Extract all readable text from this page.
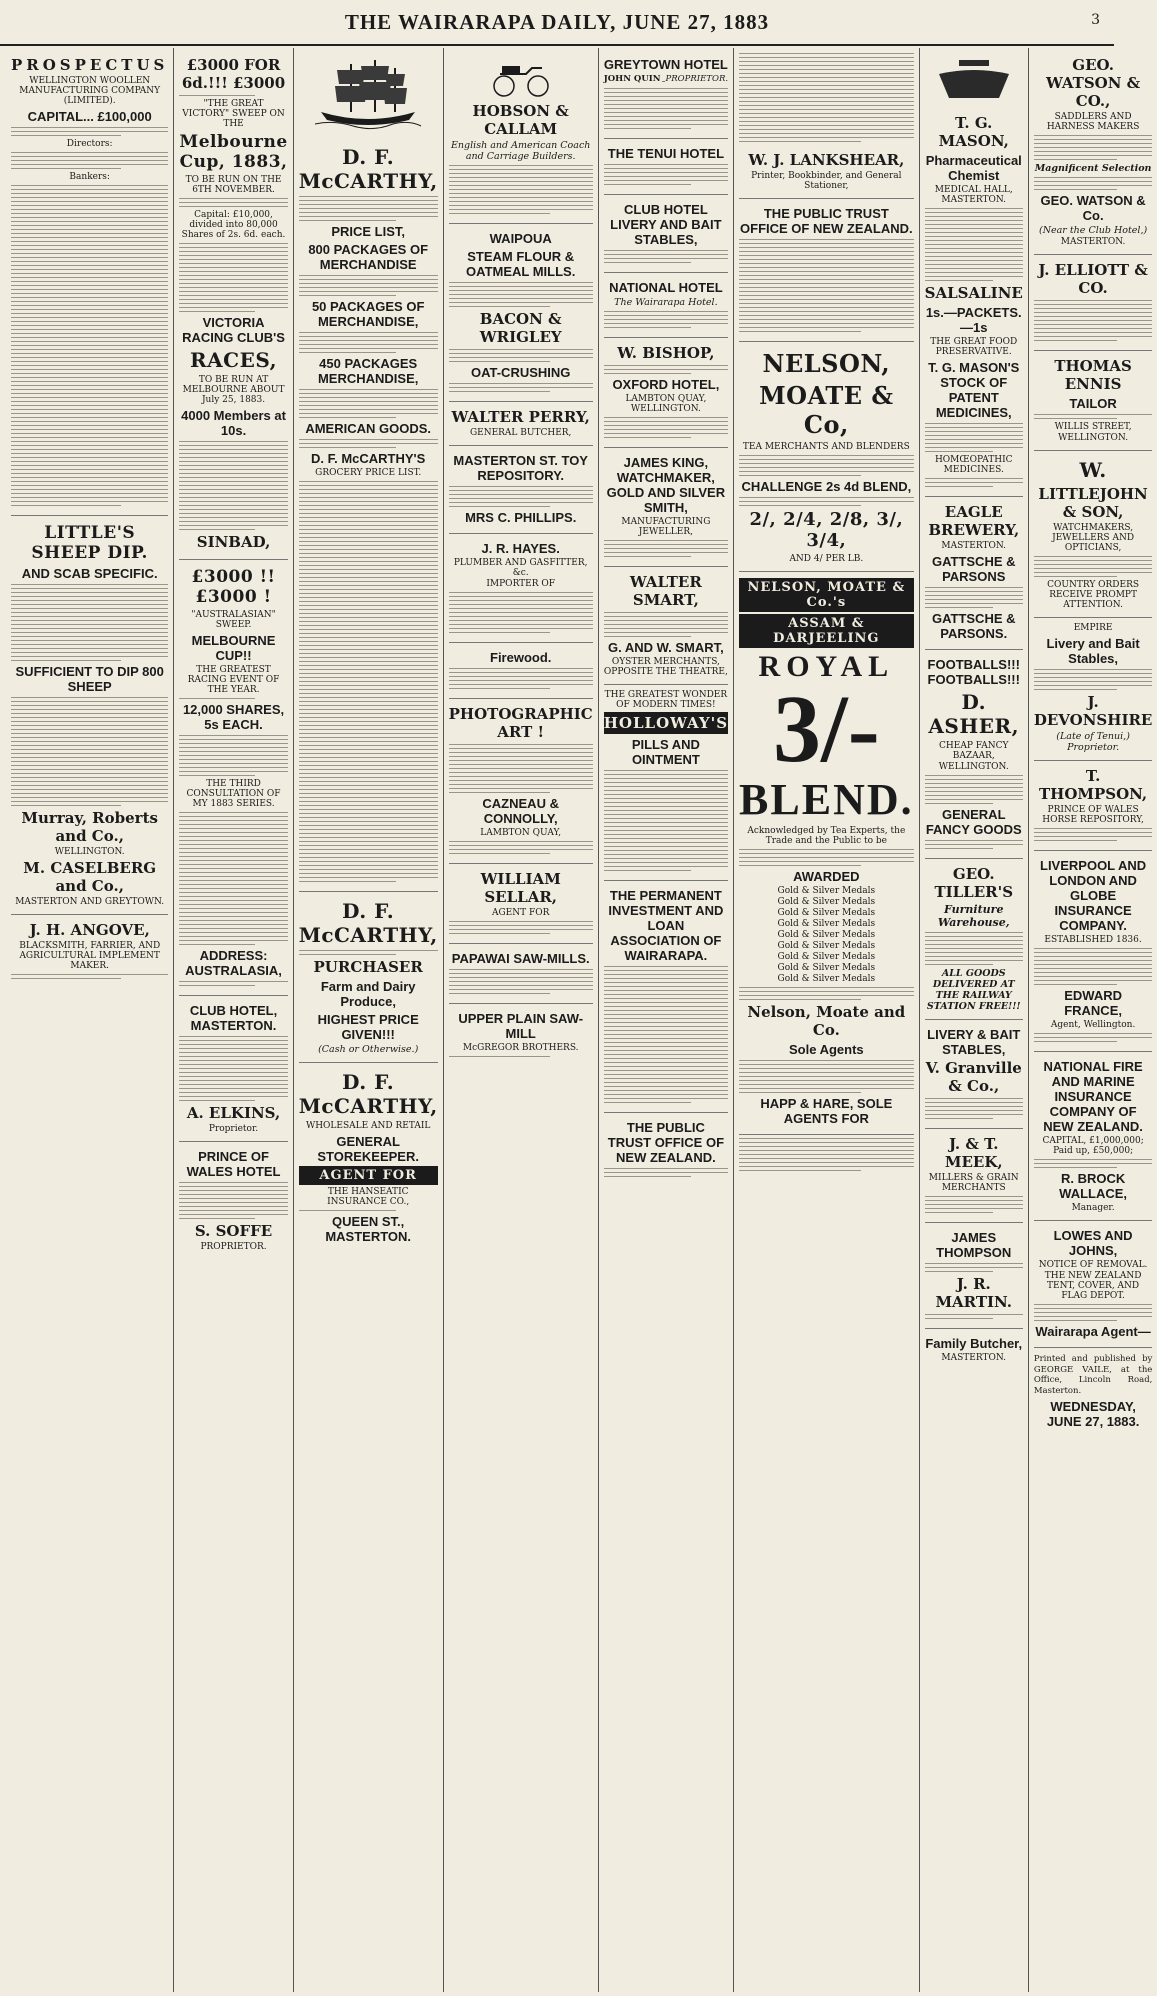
THE WAIRARAPA DAILY, JUNE 27, 1883	3
PROSPECTUS
WELLINGTON WOOLLEN MANUFACTURING COMPANY (LIMITED).
CAPITAL... £100,000
Directors:
Bankers:
LITTLE'S SHEEP DIP.
AND SCAB SPECIFIC.
SUFFICIENT TO DIP 800 SHEEP
Murray, Roberts and Co.,
WELLINGTON.
M. CASELBERG and Co.,
MASTERTON AND GREYTOWN.
J. H. ANGOVE,
BLACKSMITH, FARRIER, AND AGRICULTURAL IMPLEMENT MAKER.
£3000 FOR 6d.!!! £3000
"THE GREAT VICTORY" SWEEP ON THE
Melbourne Cup, 1883,
TO BE RUN ON THE 6TH NOVEMBER.
Capital: £10,000, divided into 80,000 Shares of 2s. 6d. each.
VICTORIA RACING CLUB'S
RACES,
TO BE RUN AT MELBOURNE ABOUT July 25, 1883.
4000 Members at 10s.
SINBAD,
£3000 !! £3000 !
"AUSTRALASIAN" SWEEP.
MELBOURNE CUP!!
THE GREATEST RACING EVENT OF THE YEAR.
12,000 SHARES, 5s EACH.
THE THIRD CONSULTATION OF MY 1883 SERIES.
ADDRESS: AUSTRALASIA,
CLUB HOTEL, MASTERTON.
A. ELKINS,
Proprietor.
PRINCE OF WALES HOTEL
S. SOFFE
PROPRIETOR.
D. F. McCARTHY,
PRICE LIST,
800 PACKAGES OF MERCHANDISE
50 PACKAGES OF MERCHANDISE,
450 PACKAGES MERCHANDISE,
AMERICAN GOODS.
D. F. McCARTHY'S
GROCERY PRICE LIST.
D. F. McCARTHY,
PURCHASER
Farm and Dairy Produce,
HIGHEST PRICE GIVEN!!!
(Cash or Otherwise.)
D. F. McCARTHY,
WHOLESALE AND RETAIL
GENERAL STOREKEEPER.
AGENT FOR
THE HANSEATIC INSURANCE CO.,
QUEEN ST., MASTERTON.
HOBSON & CALLAM
English and American Coach and Carriage Builders.
WAIPOUA
STEAM FLOUR & OATMEAL MILLS.
BACON & WRIGLEY
OAT-CRUSHING
WALTER PERRY,
GENERAL BUTCHER,
MASTERTON ST. TOY REPOSITORY.
MRS C. PHILLIPS.
J. R. HAYES.
PLUMBER AND GASFITTER, &c.
IMPORTER OF
Firewood.
PHOTOGRAPHIC ART !
CAZNEAU & CONNOLLY,
LAMBTON QUAY,
WILLIAM SELLAR,
AGENT FOR
PAPAWAI SAW-MILLS.
UPPER PLAIN SAW-MILL
McGREGOR BROTHERS.
GREYTOWN HOTEL
JOHN QUIN PROPRIETOR.
THE TENUI HOTEL
CLUB HOTEL LIVERY AND BAIT STABLES,
NATIONAL HOTEL
The Wairarapa Hotel.
W. BISHOP,
OXFORD HOTEL,
LAMBTON QUAY, WELLINGTON.
JAMES KING, WATCHMAKER, GOLD AND SILVER SMITH,
MANUFACTURING JEWELLER,
WALTER SMART,
G. AND W. SMART,
OYSTER MERCHANTS, OPPOSITE THE THEATRE,
THE GREATEST WONDER OF MODERN TIMES!
HOLLOWAY'S
PILLS AND OINTMENT
THE PERMANENT INVESTMENT AND LOAN ASSOCIATION OF WAIRARAPA.
THE PUBLIC TRUST OFFICE OF NEW ZEALAND.
W. J. LANKSHEAR,
Printer, Bookbinder, and General Stationer,
THE PUBLIC TRUST OFFICE OF NEW ZEALAND.
NELSON,
MOATE & Co,
TEA MERCHANTS AND BLENDERS
CHALLENGE 2s 4d BLEND,
2/, 2/4, 2/8, 3/, 3/4,
AND 4/ PER LB.
NELSON, MOATE & Co.'s
ASSAM & DARJEELING
ROYAL
3/-
BLEND.
Acknowledged by Tea Experts, the Trade and the Public to be
AWARDED
Gold & Silver Medals
Gold & Silver Medals
Gold & Silver Medals
Gold & Silver Medals
Gold & Silver Medals
Gold & Silver Medals
Gold & Silver Medals
Gold & Silver Medals
Gold & Silver Medals
Nelson, Moate and Co.
Sole Agents
HAPP & HARE, SOLE AGENTS FOR
T. G. MASON,
Pharmaceutical Chemist
MEDICAL HALL, MASTERTON.
SALSALINE
1s.—PACKETS.—1s
THE GREAT FOOD PRESERVATIVE.
T. G. MASON'S STOCK OF PATENT MEDICINES,
HOMŒOPATHIC MEDICINES.
EAGLE BREWERY,
MASTERTON.
GATTSCHE & PARSONS
GATTSCHE & PARSONS.
FOOTBALLS!!! FOOTBALLS!!!
D. ASHER,
CHEAP FANCY BAZAAR,
WELLINGTON.
GENERAL FANCY GOODS
GEO. TILLER'S
Furniture Warehouse,
ALL GOODS DELIVERED AT THE RAILWAY STATION FREE!!!
LIVERY & BAIT STABLES,
V. Granville & Co.,
J. & T. MEEK,
MILLERS & GRAIN MERCHANTS
JAMES THOMPSON
J. R. MARTIN.
Family Butcher,
MASTERTON.
GEO. WATSON & CO.,
SADDLERS AND HARNESS MAKERS
Magnificent Selection
GEO. WATSON & Co.
(Near the Club Hotel,)
MASTERTON.
J. ELLIOTT & CO.
THOMAS ENNIS
TAILOR
WILLIS STREET,
WELLINGTON.
W.
LITTLEJOHN & SON,
WATCHMAKERS, JEWELLERS AND OPTICIANS,
COUNTRY ORDERS RECEIVE PROMPT ATTENTION.
EMPIRE
Livery and Bait Stables,
J. DEVONSHIRE
(Late of Tenui,) Proprietor.
T. THOMPSON,
PRINCE OF WALES HORSE REPOSITORY,
LIVERPOOL AND LONDON AND GLOBE INSURANCE COMPANY.
ESTABLISHED 1836.
EDWARD FRANCE,
Agent, Wellington.
NATIONAL FIRE AND MARINE INSURANCE COMPANY OF NEW ZEALAND.
CAPITAL, £1,000,000; Paid up, £50,000;
R. BROCK WALLACE,
Manager.
LOWES AND JOHNS,
NOTICE OF REMOVAL.
THE NEW ZEALAND TENT, COVER, AND FLAG DEPOT.
Wairarapa Agent—
Printed and published by GEORGE VAILE, at the Office, Lincoln Road, Masterton.
WEDNESDAY, JUNE 27, 1883.
